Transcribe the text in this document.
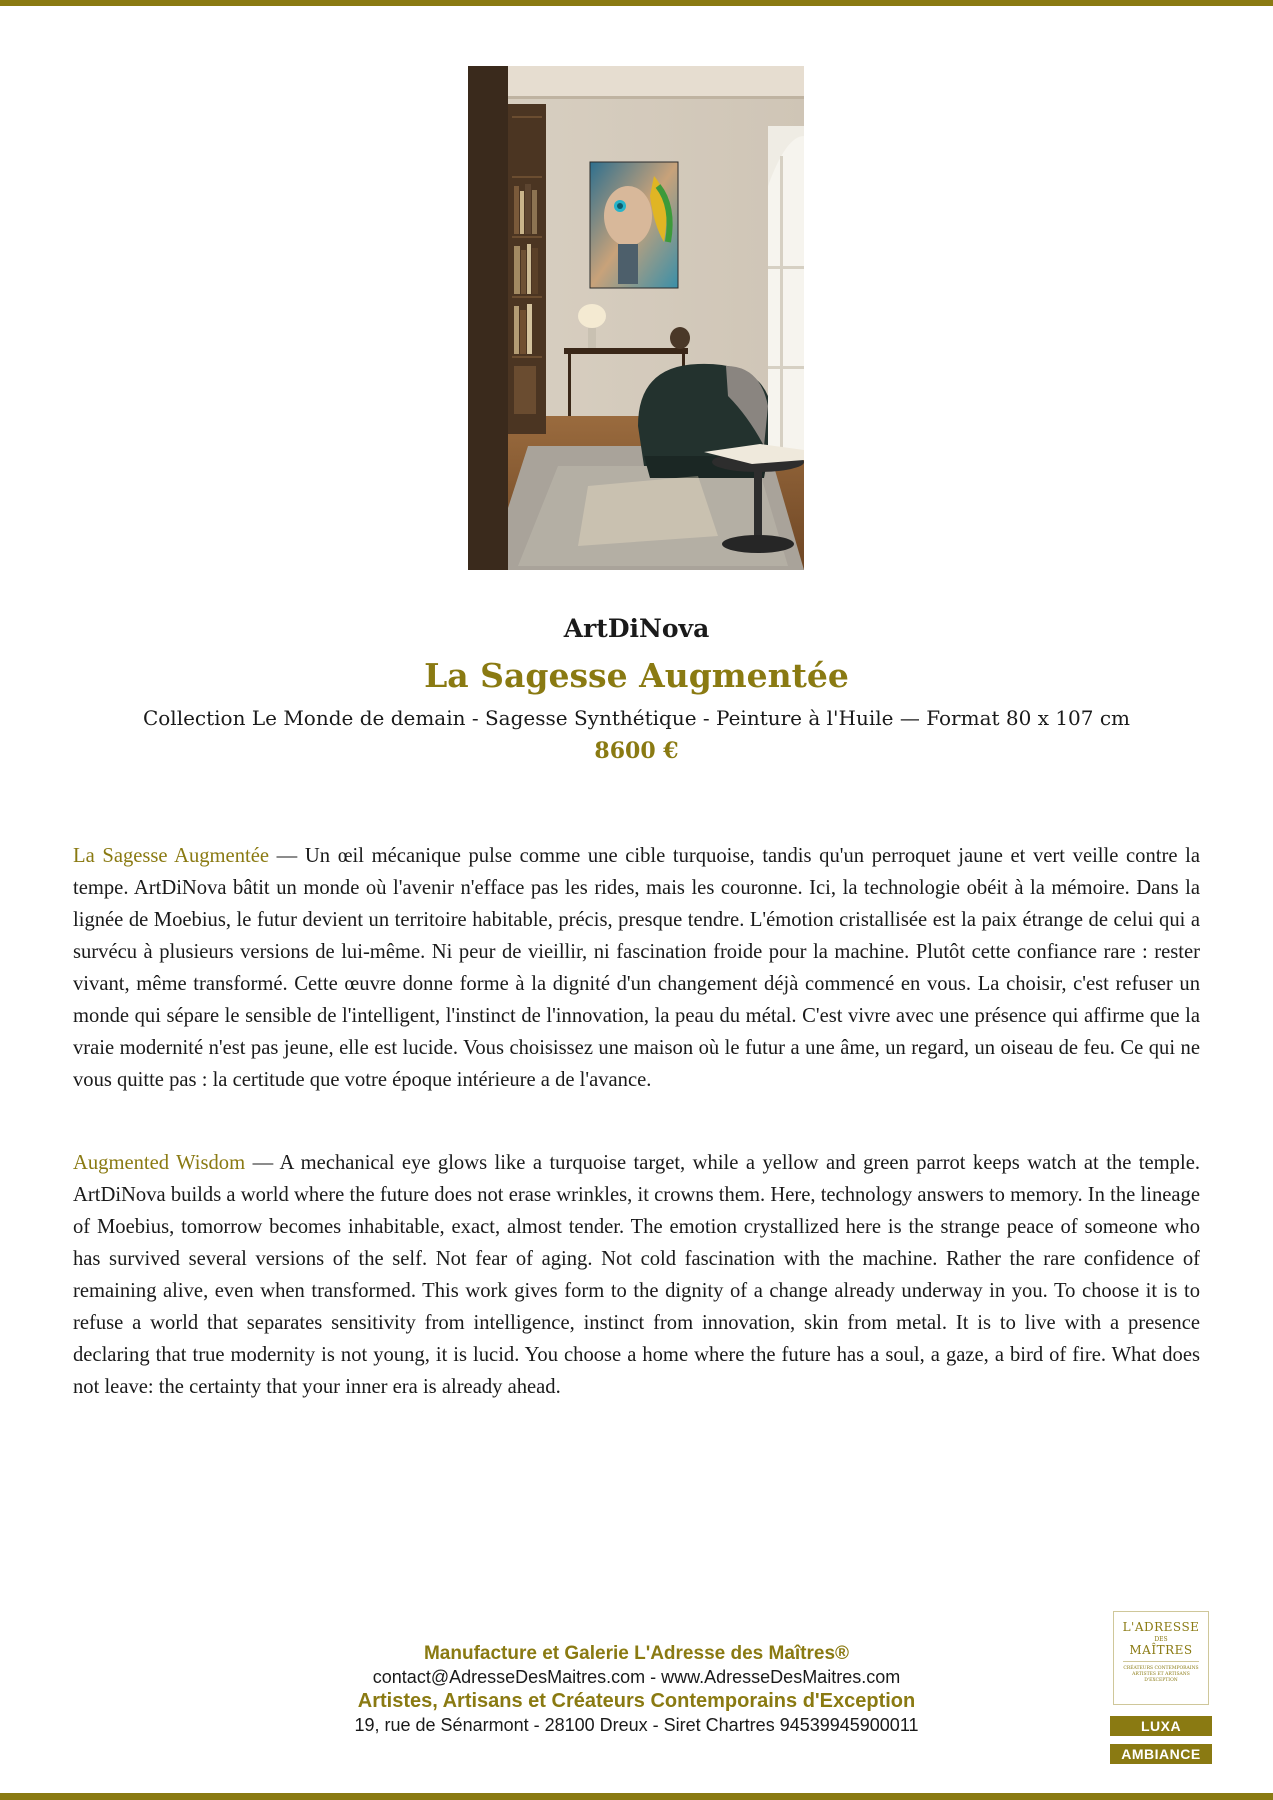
ArtDiNova
La Sagesse Augmentée
Collection Le Monde de demain - Sagesse Synthétique - Peinture à l'Huile — Format 80 x 107 cm
8600 €

La Sagesse Augmentée — Un œil mécanique pulse comme une cible turquoise, tandis qu'un perroquet jaune et vert veille contre la tempe. ArtDiNova bâtit un monde où l'avenir n'efface pas les rides, mais les couronne. Ici, la technologie obéit à la mémoire. Dans la lignée de Moebius, le futur devient un territoire habitable, précis, presque tendre. L'émotion cristallisée est la paix étrange de celui qui a survécu à plusieurs versions de lui-même. Ni peur de vieillir, ni fascination froide pour la machine. Plutôt cette confiance rare : rester vivant, même transformé. Cette œuvre donne forme à la dignité d'un changement déjà commencé en vous. La choisir, c'est refuser un monde qui sépare le sensible de l'intelligent, l'instinct de l'innovation, la peau du métal. C'est vivre avec une présence qui affirme que la vraie modernité n'est pas jeune, elle est lucide. Vous choisissez une maison où le futur a une âme, un regard, un oiseau de feu. Ce qui ne vous quitte pas : la certitude que votre époque intérieure a de l'avance.

Augmented Wisdom — A mechanical eye glows like a turquoise target, while a yellow and green parrot keeps watch at the temple. ArtDiNova builds a world where the future does not erase wrinkles, it crowns them. Here, technology answers to memory. In the lineage of Moebius, tomorrow becomes inhabitable, exact, almost tender. The emotion crystallized here is the strange peace of someone who has survived several versions of the self. Not fear of aging. Not cold fascination with the machine. Rather the rare confidence of remaining alive, even when transformed. This work gives form to the dignity of a change already underway in you. To choose it is to refuse a world that separates sensitivity from intelligence, instinct from innovation, skin from metal. It is to live with a presence declaring that true modernity is not young, it is lucid. You choose a home where the future has a soul, a gaze, a bird of fire. What does not leave: the certainty that your inner era is already ahead.

Manufacture et Galerie L'Adresse des Maîtres®
contact@AdresseDesMaitres.com - www.AdresseDesMaitres.com
Artistes, Artisans et Créateurs Contemporains d'Exception
19, rue de Sénarmont - 28100 Dreux - Siret Chartres 94539945900011
L'ADRESSE
DES
MAÎTRES
CRÉATEURS CONTEMPORAINS ARTISTES ET ARTISANS D'EXCEPTION
LUXA
AMBIANCE
